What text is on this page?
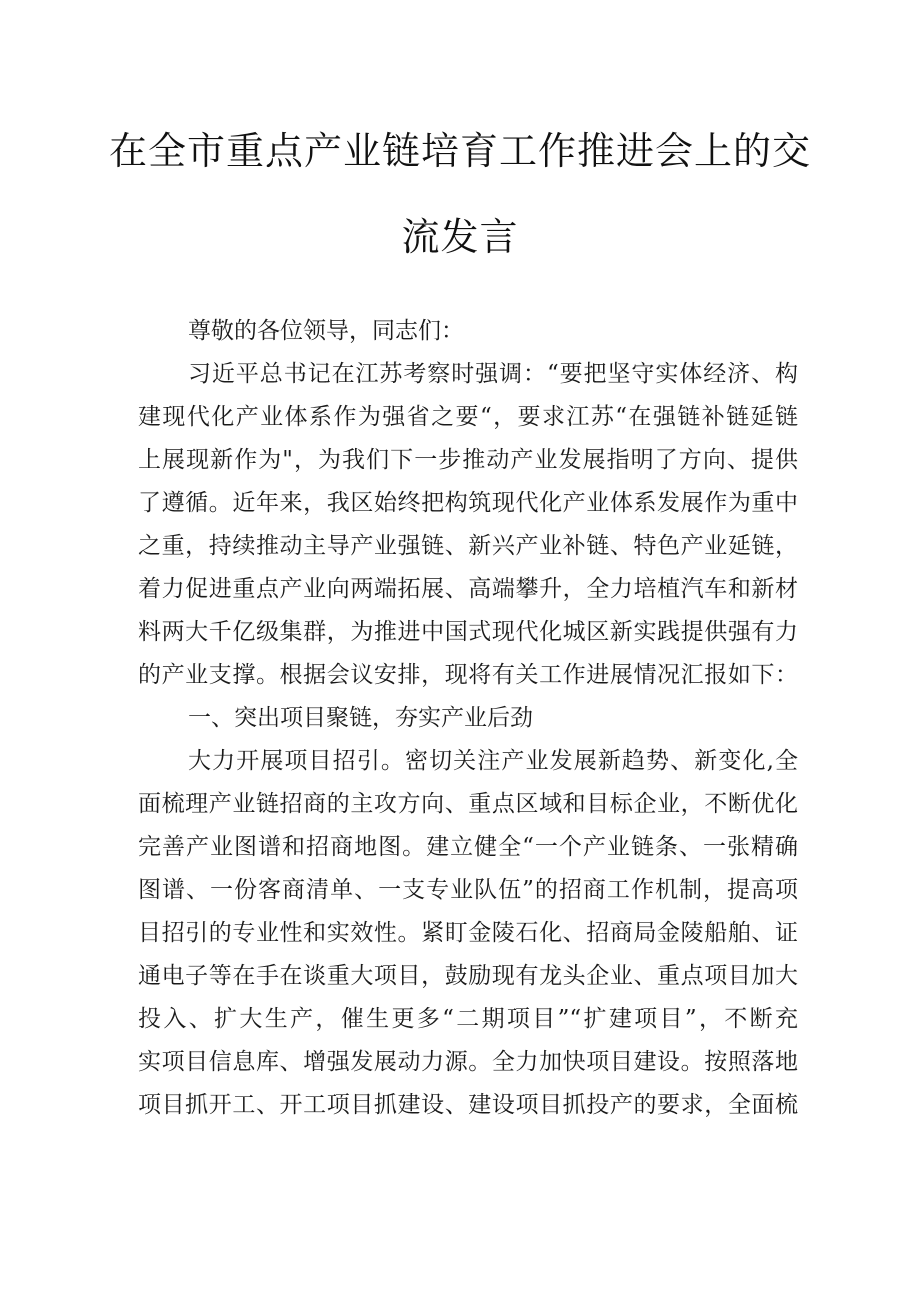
在全市重点产业链培育工作推进会上的交
流发言
尊敬的各位领导，同志们：
习近平总书记在江苏考察时强调：“要把坚守实体经济、构
建现代化产业体系作为强省之要“，要求江苏“在强链补链延链
上展现新作为"，为我们下一步推动产业发展指明了方向、提供
了遵循。近年来，我区始终把构筑现代化产业体系发展作为重中
之重，持续推动主导产业强链、新兴产业补链、特色产业延链，
着力促进重点产业向两端拓展、高端攀升，全力培植汽车和新材
料两大千亿级集群，为推进中国式现代化城区新实践提供强有力
的产业支撑。根据会议安排，现将有关工作进展情况汇报如下：
一、突出项目聚链，夯实产业后劲
大力开展项目招引。密切关注产业发展新趋势、新变化,全
面梳理产业链招商的主攻方向、重点区域和目标企业，不断优化
完善产业图谱和招商地图。建立健全“一个产业链条、一张精确
图谱、一份客商清单、一支专业队伍”的招商工作机制，提高项
目招引的专业性和实效性。紧盯金陵石化、招商局金陵船舶、证
通电子等在手在谈重大项目，鼓励现有龙头企业、重点项目加大
投入、扩大生产，催生更多“二期项目”“扩建项目”，不断充
实项目信息库、增强发展动力源。全力加快项目建设。按照落地
项目抓开工、开工项目抓建设、建设项目抓投产的要求，全面梳
